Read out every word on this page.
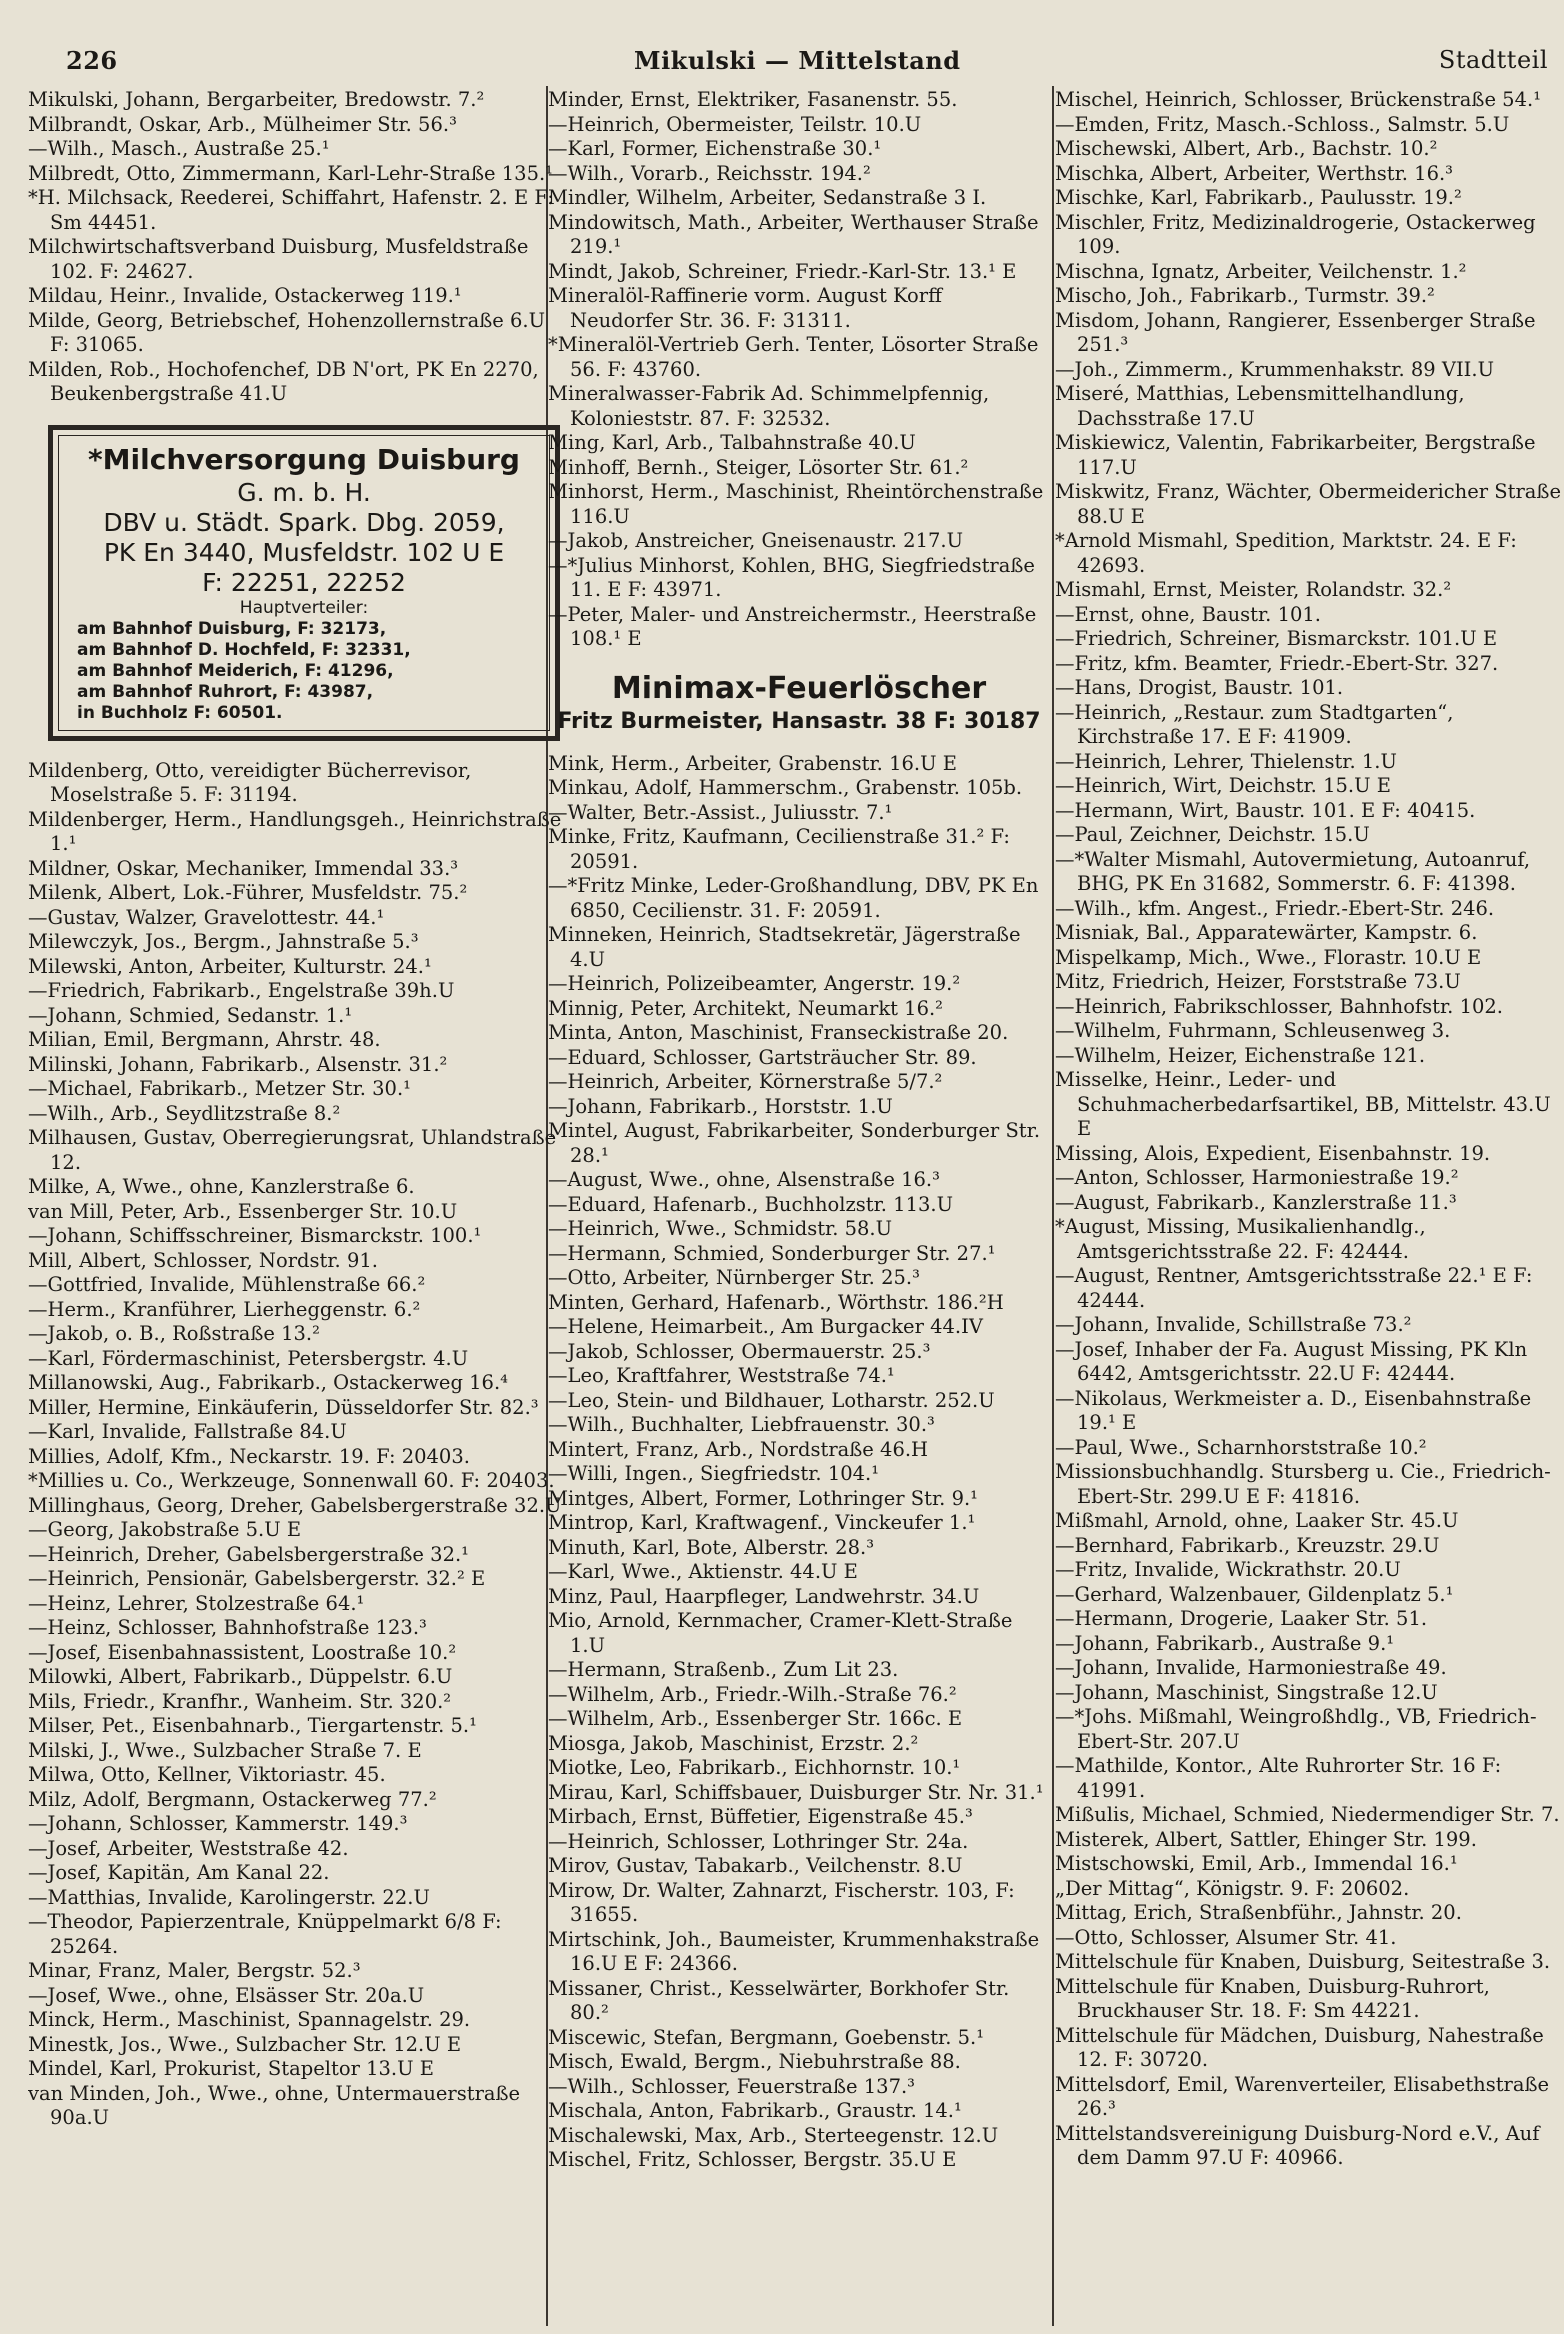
226	Mikulski — Mittelstand	Stadtteil

Mikulski, Johann, Bergarbeiter, Bredowstr. 7.²

Milbrandt, Oskar, Arb., Mülheimer Str. 56.³

—Wilh., Masch., Austraße 25.¹

Milbredt, Otto, Zimmermann, Karl-Lehr-Straße 135.¹

*H. Milchsack, Reederei, Schiffahrt, Hafenstr. 2. E F: Sm 44451.

Milchwirtschaftsverband Duisburg, Musfeldstraße 102. F: 24627.

Mildau, Heinr., Invalide, Ostackerweg 119.¹

Milde, Georg, Betriebschef, Hohenzollernstraße 6.U F: 31065.

Milden, Rob., Hochofenchef, DB N'ort, PK En 2270, Beukenbergstraße 41.U

*Milchversorgung Duisburg
G. m. b. H.
DBV u. Städt. Spark. Dbg. 2059,
PK En 3440, Musfeldstr. 102 U E
F: 22251, 22252
Hauptverteiler:
am Bahnhof Duisburg, F: 32173,
am Bahnhof D. Hochfeld, F: 32331,
am Bahnhof Meiderich, F: 41296,
am Bahnhof Ruhrort, F: 43987,
in Buchholz F: 60501.

Mildenberg, Otto, vereidigter Bücherrevisor, Moselstraße 5. F: 31194.

Mildenberger, Herm., Handlungsgeh., Heinrichstraße 1.¹

Mildner, Oskar, Mechaniker, Immendal 33.³

Milenk, Albert, Lok.-Führer, Musfeldstr. 75.²

—Gustav, Walzer, Gravelottestr. 44.¹

Milewczyk, Jos., Bergm., Jahnstraße 5.³

Milewski, Anton, Arbeiter, Kulturstr. 24.¹

—Friedrich, Fabrikarb., Engelstraße 39h.U

—Johann, Schmied, Sedanstr. 1.¹

Milian, Emil, Bergmann, Ahrstr. 48.

Milinski, Johann, Fabrikarb., Alsenstr. 31.²

—Michael, Fabrikarb., Metzer Str. 30.¹

—Wilh., Arb., Seydlitzstraße 8.²

Milhausen, Gustav, Oberregierungsrat, Uhlandstraße 12.

Milke, A, Wwe., ohne, Kanzlerstraße 6.

van Mill, Peter, Arb., Essenberger Str. 10.U

—Johann, Schiffsschreiner, Bismarckstr. 100.¹

Mill, Albert, Schlosser, Nordstr. 91.

—Gottfried, Invalide, Mühlenstraße 66.²

—Herm., Kranführer, Lierheggenstr. 6.²

—Jakob, o. B., Roßstraße 13.²

—Karl, Fördermaschinist, Petersbergstr. 4.U

Millanowski, Aug., Fabrikarb., Ostackerweg 16.⁴

Miller, Hermine, Einkäuferin, Düsseldorfer Str. 82.³

—Karl, Invalide, Fallstraße 84.U

Millies, Adolf, Kfm., Neckarstr. 19. F: 20403.

*Millies u. Co., Werkzeuge, Sonnenwall 60. F: 20403.

Millinghaus, Georg, Dreher, Gabelsbergerstraße 32.U

—Georg, Jakobstraße 5.U E

—Heinrich, Dreher, Gabelsbergerstraße 32.¹

—Heinrich, Pensionär, Gabelsbergerstr. 32.² E

—Heinz, Lehrer, Stolzestraße 64.¹

—Heinz, Schlosser, Bahnhofstraße 123.³

—Josef, Eisenbahnassistent, Loostraße 10.²

Milowki, Albert, Fabrikarb., Düppelstr. 6.U

Mils, Friedr., Kranfhr., Wanheim. Str. 320.²

Milser, Pet., Eisenbahnarb., Tiergartenstr. 5.¹

Milski, J., Wwe., Sulzbacher Straße 7. E

Milwa, Otto, Kellner, Viktoriastr. 45.

Milz, Adolf, Bergmann, Ostackerweg 77.²

—Johann, Schlosser, Kammerstr. 149.³

—Josef, Arbeiter, Weststraße 42.

—Josef, Kapitän, Am Kanal 22.

—Matthias, Invalide, Karolingerstr. 22.U

—Theodor, Papierzentrale, Knüppelmarkt 6/8 F: 25264.

Minar, Franz, Maler, Bergstr. 52.³

—Josef, Wwe., ohne, Elsässer Str. 20a.U

Minck, Herm., Maschinist, Spannagelstr. 29.

Minestk, Jos., Wwe., Sulzbacher Str. 12.U E

Mindel, Karl, Prokurist, Stapeltor 13.U E

van Minden, Joh., Wwe., ohne, Untermauerstraße 90a.U

Minder, Ernst, Elektriker, Fasanenstr. 55.

—Heinrich, Obermeister, Teilstr. 10.U

—Karl, Former, Eichenstraße 30.¹

—Wilh., Vorarb., Reichsstr. 194.²

Mindler, Wilhelm, Arbeiter, Sedanstraße 3 I.

Mindowitsch, Math., Arbeiter, Werthauser Straße 219.¹

Mindt, Jakob, Schreiner, Friedr.-Karl-Str. 13.¹ E

Mineralöl-Raffinerie vorm. August Korff Neudorfer Str. 36. F: 31311.

*Mineralöl-Vertrieb Gerh. Tenter, Lösorter Straße 56. F: 43760.

Mineralwasser-Fabrik Ad. Schimmelpfennig, Kolonieststr. 87. F: 32532.

Ming, Karl, Arb., Talbahnstraße 40.U

Minhoff, Bernh., Steiger, Lösorter Str. 61.²

Minhorst, Herm., Maschinist, Rheintörchenstraße 116.U

—Jakob, Anstreicher, Gneisenaustr. 217.U

—*Julius Minhorst, Kohlen, BHG, Siegfriedstraße 11. E F: 43971.

—Peter, Maler- und Anstreichermstr., Heerstraße 108.¹ E

Minimax-Feuerlöscher
Fritz Burmeister, Hansastr. 38 F: 30187

Mink, Herm., Arbeiter, Grabenstr. 16.U E

Minkau, Adolf, Hammerschm., Grabenstr. 105b.

—Walter, Betr.-Assist., Juliusstr. 7.¹

Minke, Fritz, Kaufmann, Cecilienstraße 31.² F: 20591.

—*Fritz Minke, Leder-Großhandlung, DBV, PK En 6850, Cecilienstr. 31. F: 20591.

Minneken, Heinrich, Stadtsekretär, Jägerstraße 4.U

—Heinrich, Polizeibeamter, Angerstr. 19.²

Minnig, Peter, Architekt, Neumarkt 16.²

Minta, Anton, Maschinist, Franseckistraße 20.

—Eduard, Schlosser, Gartsträucher Str. 89.

—Heinrich, Arbeiter, Körnerstraße 5/7.²

—Johann, Fabrikarb., Horststr. 1.U

Mintel, August, Fabrikarbeiter, Sonderburger Str. 28.¹

—August, Wwe., ohne, Alsenstraße 16.³

—Eduard, Hafenarb., Buchholzstr. 113.U

—Heinrich, Wwe., Schmidstr. 58.U

—Hermann, Schmied, Sonderburger Str. 27.¹

—Otto, Arbeiter, Nürnberger Str. 25.³

Minten, Gerhard, Hafenarb., Wörthstr. 186.²H

—Helene, Heimarbeit., Am Burgacker 44.IV

—Jakob, Schlosser, Obermauerstr. 25.³

—Leo, Kraftfahrer, Weststraße 74.¹

—Leo, Stein- und Bildhauer, Lotharstr. 252.U

—Wilh., Buchhalter, Liebfrauenstr. 30.³

Mintert, Franz, Arb., Nordstraße 46.H

—Willi, Ingen., Siegfriedstr. 104.¹

Mintges, Albert, Former, Lothringer Str. 9.¹

Mintrop, Karl, Kraftwagenf., Vinckeufer 1.¹

Minuth, Karl, Bote, Alberstr. 28.³

—Karl, Wwe., Aktienstr. 44.U E

Minz, Paul, Haarpfleger, Landwehrstr. 34.U

Mio, Arnold, Kernmacher, Cramer-Klett-Straße 1.U

—Hermann, Straßenb., Zum Lit 23.

—Wilhelm, Arb., Friedr.-Wilh.-Straße 76.²

—Wilhelm, Arb., Essenberger Str. 166c. E

Miosga, Jakob, Maschinist, Erzstr. 2.²

Miotke, Leo, Fabrikarb., Eichhornstr. 10.¹

Mirau, Karl, Schiffsbauer, Duisburger Str. Nr. 31.¹

Mirbach, Ernst, Büffetier, Eigenstraße 45.³

—Heinrich, Schlosser, Lothringer Str. 24a.

Mirov, Gustav, Tabakarb., Veilchenstr. 8.U

Mirow, Dr. Walter, Zahnarzt, Fischerstr. 103, F: 31655.

Mirtschink, Joh., Baumeister, Krummenhakstraße 16.U E F: 24366.

Missaner, Christ., Kesselwärter, Borkhofer Str. 80.²

Miscewic, Stefan, Bergmann, Goebenstr. 5.¹

Misch, Ewald, Bergm., Niebuhrstraße 88.

—Wilh., Schlosser, Feuerstraße 137.³

Mischala, Anton, Fabrikarb., Graustr. 14.¹

Mischalewski, Max, Arb., Sterteegenstr. 12.U

Mischel, Fritz, Schlosser, Bergstr. 35.U E

Mischel, Heinrich, Schlosser, Brückenstraße 54.¹

—Emden, Fritz, Masch.-Schloss., Salmstr. 5.U

Mischewski, Albert, Arb., Bachstr. 10.²

Mischka, Albert, Arbeiter, Werthstr. 16.³

Mischke, Karl, Fabrikarb., Paulusstr. 19.²

Mischler, Fritz, Medizinaldrogerie, Ostackerweg 109.

Mischna, Ignatz, Arbeiter, Veilchenstr. 1.²

Mischo, Joh., Fabrikarb., Turmstr. 39.²

Misdom, Johann, Rangierer, Essenberger Straße 251.³

—Joh., Zimmerm., Krummenhakstr. 89 VII.U

Miseré, Matthias, Lebensmittelhandlung, Dachsstraße 17.U

Miskiewicz, Valentin, Fabrikarbeiter, Bergstraße 117.U

Miskwitz, Franz, Wächter, Obermeidericher Straße 88.U E

*Arnold Mismahl, Spedition, Marktstr. 24. E F: 42693.

Mismahl, Ernst, Meister, Rolandstr. 32.²

—Ernst, ohne, Baustr. 101.

—Friedrich, Schreiner, Bismarckstr. 101.U E

—Fritz, kfm. Beamter, Friedr.-Ebert-Str. 327.

—Hans, Drogist, Baustr. 101.

—Heinrich, „Restaur. zum Stadtgarten“, Kirchstraße 17. E F: 41909.

—Heinrich, Lehrer, Thielenstr. 1.U

—Heinrich, Wirt, Deichstr. 15.U E

—Hermann, Wirt, Baustr. 101. E F: 40415.

—Paul, Zeichner, Deichstr. 15.U

—*Walter Mismahl, Autovermietung, Autoanruf, BHG, PK En 31682, Sommerstr. 6. F: 41398.

—Wilh., kfm. Angest., Friedr.-Ebert-Str. 246.

Misniak, Bal., Apparatewärter, Kampstr. 6.

Mispelkamp, Mich., Wwe., Florastr. 10.U E

Mitz, Friedrich, Heizer, Forststraße 73.U

—Heinrich, Fabrikschlosser, Bahnhofstr. 102.

—Wilhelm, Fuhrmann, Schleusenweg 3.

—Wilhelm, Heizer, Eichenstraße 121.

Misselke, Heinr., Leder- und Schuhmacherbedarfsartikel, BB, Mittelstr. 43.U E

Missing, Alois, Expedient, Eisenbahnstr. 19.

—Anton, Schlosser, Harmoniestraße 19.²

—August, Fabrikarb., Kanzlerstraße 11.³

*August, Missing, Musikalienhandlg., Amtsgerichtsstraße 22. F: 42444.

—August, Rentner, Amtsgerichtsstraße 22.¹ E F: 42444.

—Johann, Invalide, Schillstraße 73.²

—Josef, Inhaber der Fa. August Missing, PK Kln 6442, Amtsgerichtsstr. 22.U F: 42444.

—Nikolaus, Werkmeister a. D., Eisenbahnstraße 19.¹ E

—Paul, Wwe., Scharnhorststraße 10.²

Missionsbuchhandlg. Stursberg u. Cie., Friedrich-Ebert-Str. 299.U E F: 41816.

Mißmahl, Arnold, ohne, Laaker Str. 45.U

—Bernhard, Fabrikarb., Kreuzstr. 29.U

—Fritz, Invalide, Wickrathstr. 20.U

—Gerhard, Walzenbauer, Gildenplatz 5.¹

—Hermann, Drogerie, Laaker Str. 51.

—Johann, Fabrikarb., Austraße 9.¹

—Johann, Invalide, Harmoniestraße 49.

—Johann, Maschinist, Singstraße 12.U

—*Johs. Mißmahl, Weingroßhdlg., VB, Friedrich-Ebert-Str. 207.U

—Mathilde, Kontor., Alte Ruhrorter Str. 16 F: 41991.

Mißulis, Michael, Schmied, Niedermendiger Str. 7.

Misterek, Albert, Sattler, Ehinger Str. 199.

Mistschowski, Emil, Arb., Immendal 16.¹

„Der Mittag“, Königstr. 9. F: 20602.

Mittag, Erich, Straßenbführ., Jahnstr. 20.

—Otto, Schlosser, Alsumer Str. 41.

Mittelschule für Knaben, Duisburg, Seitestraße 3.

Mittelschule für Knaben, Duisburg-Ruhrort, Bruckhauser Str. 18. F: Sm 44221.

Mittelschule für Mädchen, Duisburg, Nahestraße 12. F: 30720.

Mittelsdorf, Emil, Warenverteiler, Elisabethstraße 26.³

Mittelstandsvereinigung Duisburg-Nord e.V., Auf dem Damm 97.U F: 40966.
